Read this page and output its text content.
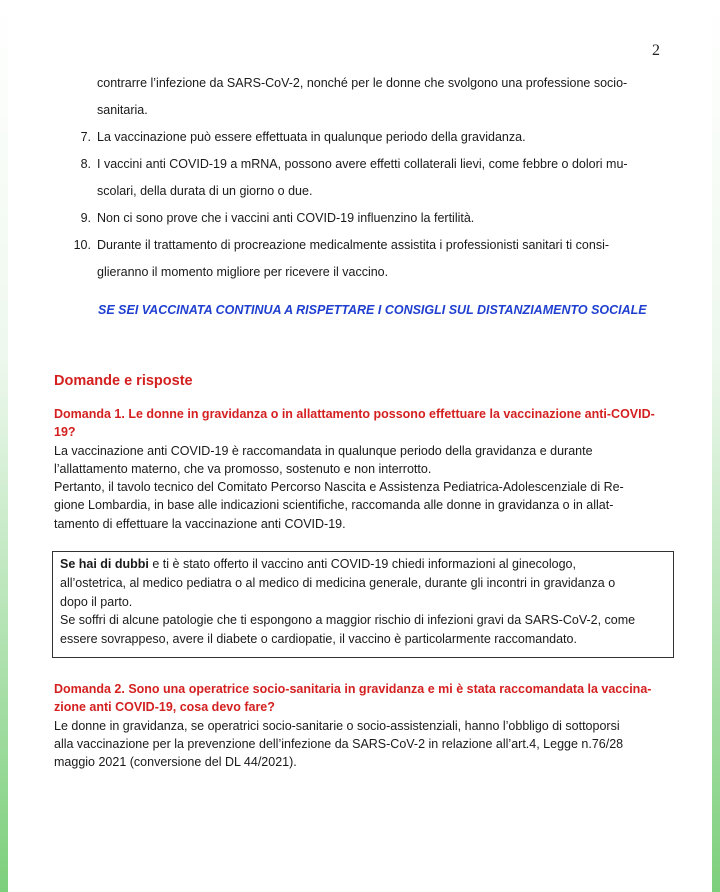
2
contrarre l’infezione da SARS-CoV-2, nonché per le donne che svolgono una professione socio-
sanitaria.
7. La vaccinazione può essere effettuata in qualunque periodo della gravidanza.
8. I vaccini anti COVID-19 a mRNA, possono avere effetti collaterali lievi, come febbre o dolori mu-
scolari, della durata di un giorno o due.
9. Non ci sono prove che i vaccini anti COVID-19 influenzino la fertilità.
10. Durante il trattamento di procreazione medicalmente assistita i professionisti sanitari ti consi-
glieranno il momento migliore per ricevere il vaccino.
SE SEI VACCINATA CONTINUA A RISPETTARE I CONSIGLI SUL DISTANZIAMENTO SOCIALE
Domande e risposte
Domanda 1. Le donne in gravidanza o in allattamento possono effettuare la vaccinazione anti-COVID-
19?
La vaccinazione anti COVID-19 è raccomandata in qualunque periodo della gravidanza e durante
l’allattamento materno, che va promosso, sostenuto e non interrotto.
Pertanto, il tavolo tecnico del Comitato Percorso Nascita e Assistenza Pediatrica-Adolescenziale di Re-
gione Lombardia, in base alle indicazioni scientifiche, raccomanda alle donne in gravidanza o in allat-
tamento di effettuare la vaccinazione anti COVID-19.
Se hai di dubbi e ti è stato offerto il vaccino anti COVID-19 chiedi informazioni al ginecologo,
all’ostetrica, al medico pediatra o al medico di medicina generale, durante gli incontri in gravidanza o
dopo il parto.
Se soffri di alcune patologie che ti espongono a maggior rischio di infezioni gravi da SARS-CoV-2, come
essere sovrappeso, avere il diabete o cardiopatie, il vaccino è particolarmente raccomandato.
Domanda 2. Sono una operatrice socio-sanitaria in gravidanza e mi è stata raccomandata la vaccina-
zione anti COVID-19, cosa devo fare?
Le donne in gravidanza, se operatrici socio-sanitarie o socio-assistenziali, hanno l’obbligo di sottoporsi
alla vaccinazione per la prevenzione dell’infezione da SARS-CoV-2 in relazione all’art.4, Legge n.76/28
maggio 2021 (conversione del DL 44/2021).
